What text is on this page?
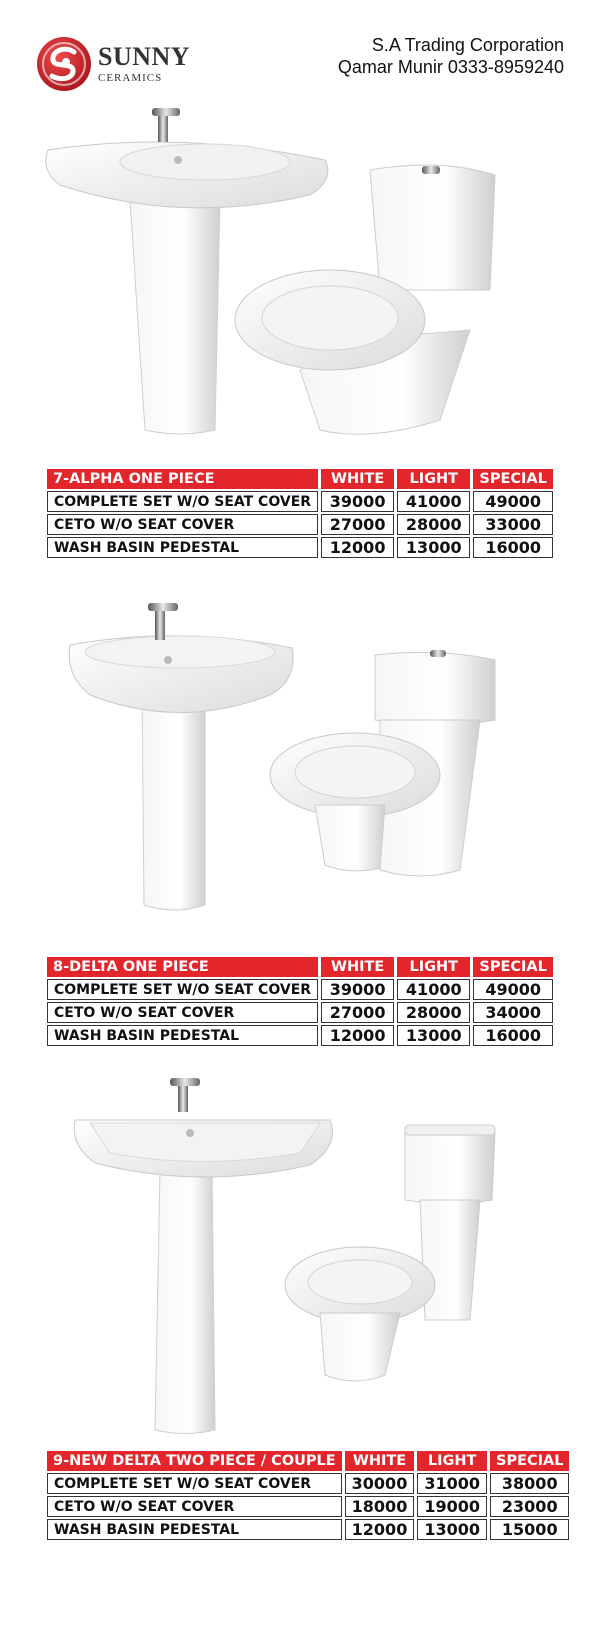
SUNNY
CERAMICS
S.A Trading Corporation
Qamar Munir 0333-8959240
7-ALPHA ONE PIECE	WHITE	LIGHT	SPECIAL
COMPLETE SET W/O SEAT COVER	39000	41000	49000
CETO W/O SEAT COVER	27000	28000	33000
WASH BASIN PEDESTAL	12000	13000	16000
8-DELTA ONE PIECE	WHITE	LIGHT	SPECIAL
COMPLETE SET W/O SEAT COVER	39000	41000	49000
CETO W/O SEAT COVER	27000	28000	34000
WASH BASIN PEDESTAL	12000	13000	16000
9-NEW DELTA TWO PIECE / COUPLE	WHITE	LIGHT	SPECIAL
COMPLETE SET W/O SEAT COVER	30000	31000	38000
CETO W/O SEAT COVER	18000	19000	23000
WASH BASIN PEDESTAL	12000	13000	15000
